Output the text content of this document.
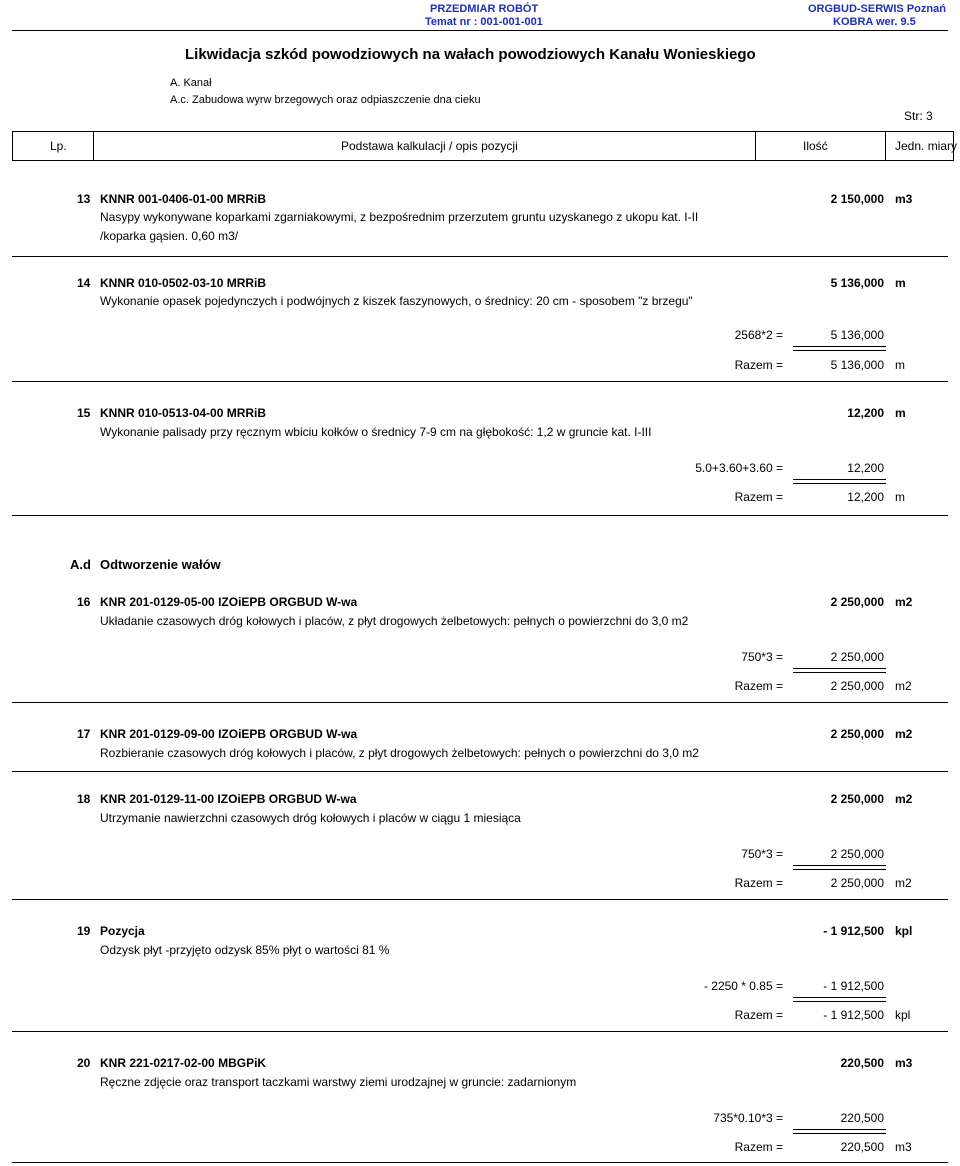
PRZEDMIAR ROBÓT
Temat nr : 001-001-001
ORGBUD-SERWIS Poznań
KOBRA wer. 9.5
Likwidacja szkód powodziowych na wałach powodziowych Kanału Wonieskiego
A. Kanał
A.c. Zabudowa wyrw brzegowych oraz odpiaszczenie dna cieku
Str: 3
Lp.	Podstawa kalkulacji / opis pozycji	Ilość	Jedn. miary
13 KNNR 001-0406-01-00 MRRiB	2 150,000 m3
Nasypy wykonywane koparkami zgarniakowymi, z bezpośrednim przerzutem gruntu uzyskanego z ukopu kat. I-II
/koparka gąsien. 0,60 m3/
14 KNNR 010-0502-03-10 MRRiB	5 136,000 m
Wykonanie opasek pojedynczych i podwójnych z kiszek faszynowych, o średnicy: 20 cm - sposobem "z brzegu"
2568*2 =	5 136,000
Razem =	5 136,000 m
15 KNNR 010-0513-04-00 MRRiB	12,200 m
Wykonanie palisady przy ręcznym wbiciu kołków o średnicy 7-9 cm na głębokość: 1,2 w gruncie kat. I-III
5.0+3.60+3.60 =	12,200
Razem =	12,200 m
A.d Odtworzenie wałów
16 KNR 201-0129-05-00 IZOiEPB ORGBUD W-wa	2 250,000 m2
Układanie czasowych dróg kołowych i placów, z płyt drogowych żelbetowych: pełnych o powierzchni do 3,0 m2
750*3 =	2 250,000
Razem =	2 250,000 m2
17 KNR 201-0129-09-00 IZOiEPB ORGBUD W-wa	2 250,000 m2
Rozbieranie czasowych dróg kołowych i placów, z płyt drogowych żelbetowych: pełnych o powierzchni do 3,0 m2
18 KNR 201-0129-11-00 IZOiEPB ORGBUD W-wa	2 250,000 m2
Utrzymanie nawierzchni czasowych dróg kołowych i placów w ciągu 1 miesiąca
750*3 =	2 250,000
Razem =	2 250,000 m2
19 Pozycja	- 1 912,500 kpl
Odzysk płyt -przyjęto odzysk 85% płyt o wartości 81 %
- 2250 * 0.85 =	- 1 912,500
Razem =	- 1 912,500 kpl
20 KNR 221-0217-02-00 MBGPiK	220,500 m3
Ręczne zdjęcie oraz transport taczkami warstwy ziemi urodzajnej w gruncie: zadarnionym
735*0.10*3 =	220,500
Razem =	220,500 m3
